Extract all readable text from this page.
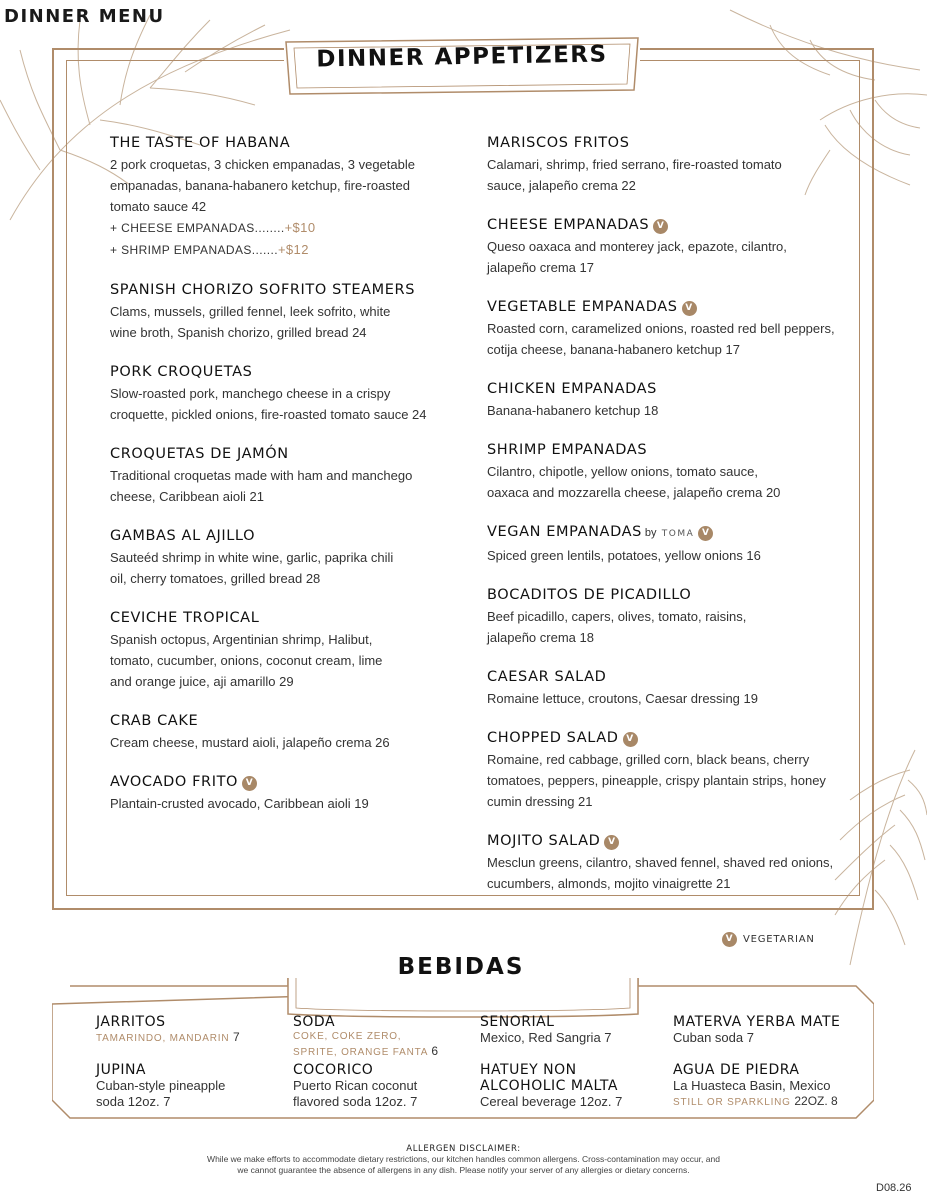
DINNER MENU
DINNER APPETIZERS
THE TASTE OF HABANA
2 pork croquetas, 3 chicken empanadas, 3 vegetable empanadas, banana-habanero ketchup, fire-roasted tomato sauce 42
+ CHEESE EMPANADAS........+$10
+ SHRIMP EMPANADAS.......+$12
SPANISH CHORIZO SOFRITO STEAMERS
Clams, mussels, grilled fennel, leek sofrito, white wine broth, Spanish chorizo, grilled bread 24
PORK CROQUETAS
Slow-roasted pork, manchego cheese in a crispy croquette, pickled onions, fire-roasted tomato sauce 24
CROQUETAS DE JAMÓN
Traditional croquetas made with ham and manchego cheese, Caribbean aioli 21
GAMBAS AL AJILLO
Sauteéd shrimp in white wine, garlic, paprika chili oil, cherry tomatoes, grilled bread 28
CEVICHE TROPICAL
Spanish octopus, Argentinian shrimp, Halibut, tomato, cucumber, onions, coconut cream, lime and orange juice, aji amarillo 29
CRAB CAKE
Cream cheese, mustard aioli, jalapeño crema 26
AVOCADO FRITO V
Plantain-crusted avocado, Caribbean aioli 19
MARISCOS FRITOS
Calamari, shrimp, fried serrano, fire-roasted tomato sauce, jalapeño crema 22
CHEESE EMPANADAS V
Queso oaxaca and monterey jack, epazote, cilantro, jalapeño crema 17
VEGETABLE EMPANADAS V
Roasted corn, caramelized onions, roasted red bell peppers, cotija cheese, banana-habanero ketchup 17
CHICKEN EMPANADAS
Banana-habanero ketchup 18
SHRIMP EMPANADAS
Cilantro, chipotle, yellow onions, tomato sauce, oaxaca and mozzarella cheese, jalapeño crema 20
VEGAN EMPANADAS by TOMA V
Spiced green lentils, potatoes, yellow onions 16
BOCADITOS DE PICADILLO
Beef picadillo, capers, olives, tomato, raisins, jalapeño crema 18
CAESAR SALAD
Romaine lettuce, croutons, Caesar dressing 19
CHOPPED SALAD V
Romaine, red cabbage, grilled corn, black beans, cherry tomatoes, peppers, pineapple, crispy plantain strips, honey cumin dressing 21
MOJITO SALAD V
Mesclun greens, cilantro, shaved fennel, shaved red onions, cucumbers, almonds, mojito vinaigrette 21
V VEGETARIAN
BEBIDAS
JARRITOS
TAMARINDO, MANDARIN 7
SODA
COKE, COKE ZERO, SPRITE, ORANGE FANTA 6
SENORIAL
Mexico, Red Sangria 7
MATERVA YERBA MATE
Cuban soda 7
JUPINA
Cuban-style pineapple soda 12oz. 7
COCORICO
Puerto Rican coconut flavored soda 12oz. 7
HATUEY NON ALCOHOLIC MALTA
Cereal beverage 12oz. 7
AGUA DE PIEDRA
La Huasteca Basin, Mexico
STILL OR SPARKLING 22OZ. 8
ALLERGEN DISCLAIMER:
While we make efforts to accommodate dietary restrictions, our kitchen handles common allergens. Cross-contamination may occur, and
we cannot guarantee the absence of allergens in any dish. Please notify your server of any allergies or dietary concerns.
D08.26
